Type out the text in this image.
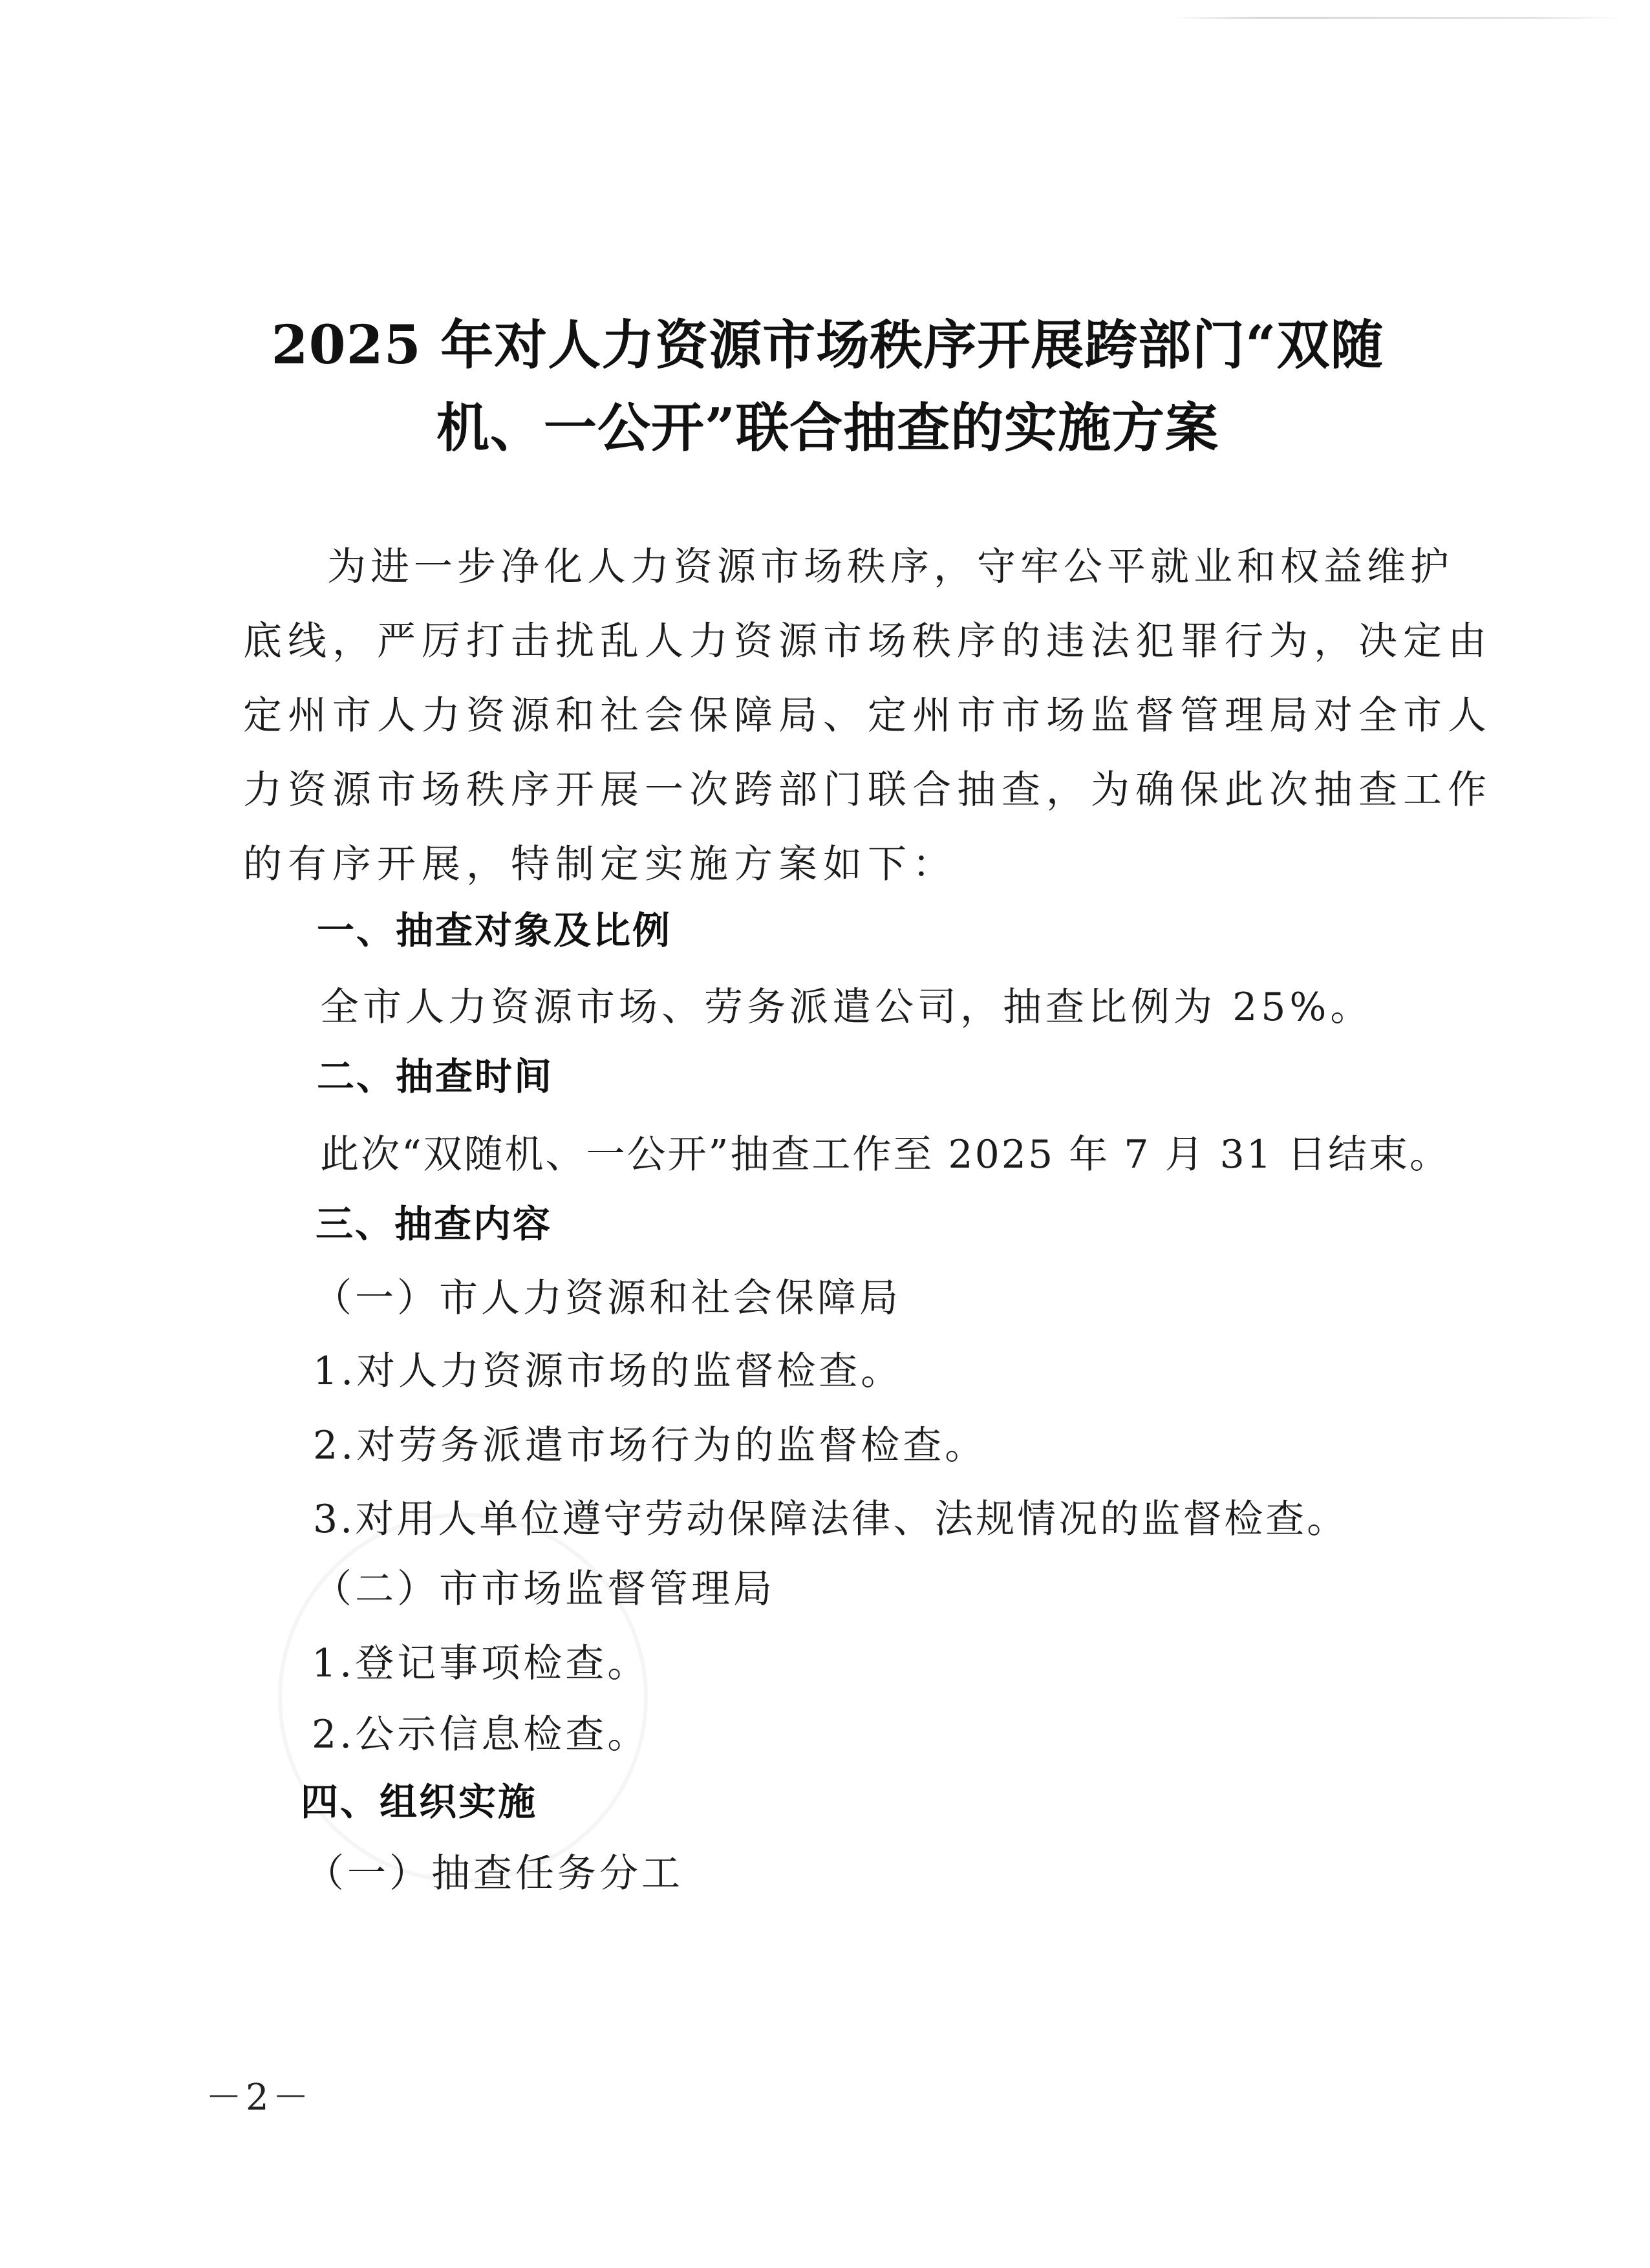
2025 年对人力资源市场秩序开展跨部门“双随
机、一公开”联合抽查的实施方案
为进一步净化人力资源市场秩序，守牢公平就业和权益维护
底线，严厉打击扰乱人力资源市场秩序的违法犯罪行为，决定由
定州市人力资源和社会保障局、定州市市场监督管理局对全市人
力资源市场秩序开展一次跨部门联合抽查，为确保此次抽查工作
的有序开展，特制定实施方案如下：
一、抽查对象及比例
全市人力资源市场、劳务派遣公司，抽查比例为 25%。
二、抽查时间
此次“双随机、一公开”抽查工作至 2025 年 7 月 31 日结束。
三、抽查内容
（一）市人力资源和社会保障局
1.对人力资源市场的监督检查。
2.对劳务派遣市场行为的监督检查。
3.对用人单位遵守劳动保障法律、法规情况的监督检查。
（二）市市场监督管理局
1.登记事项检查。
2.公示信息检查。
四、组织实施
（一）抽查任务分工
－2－
